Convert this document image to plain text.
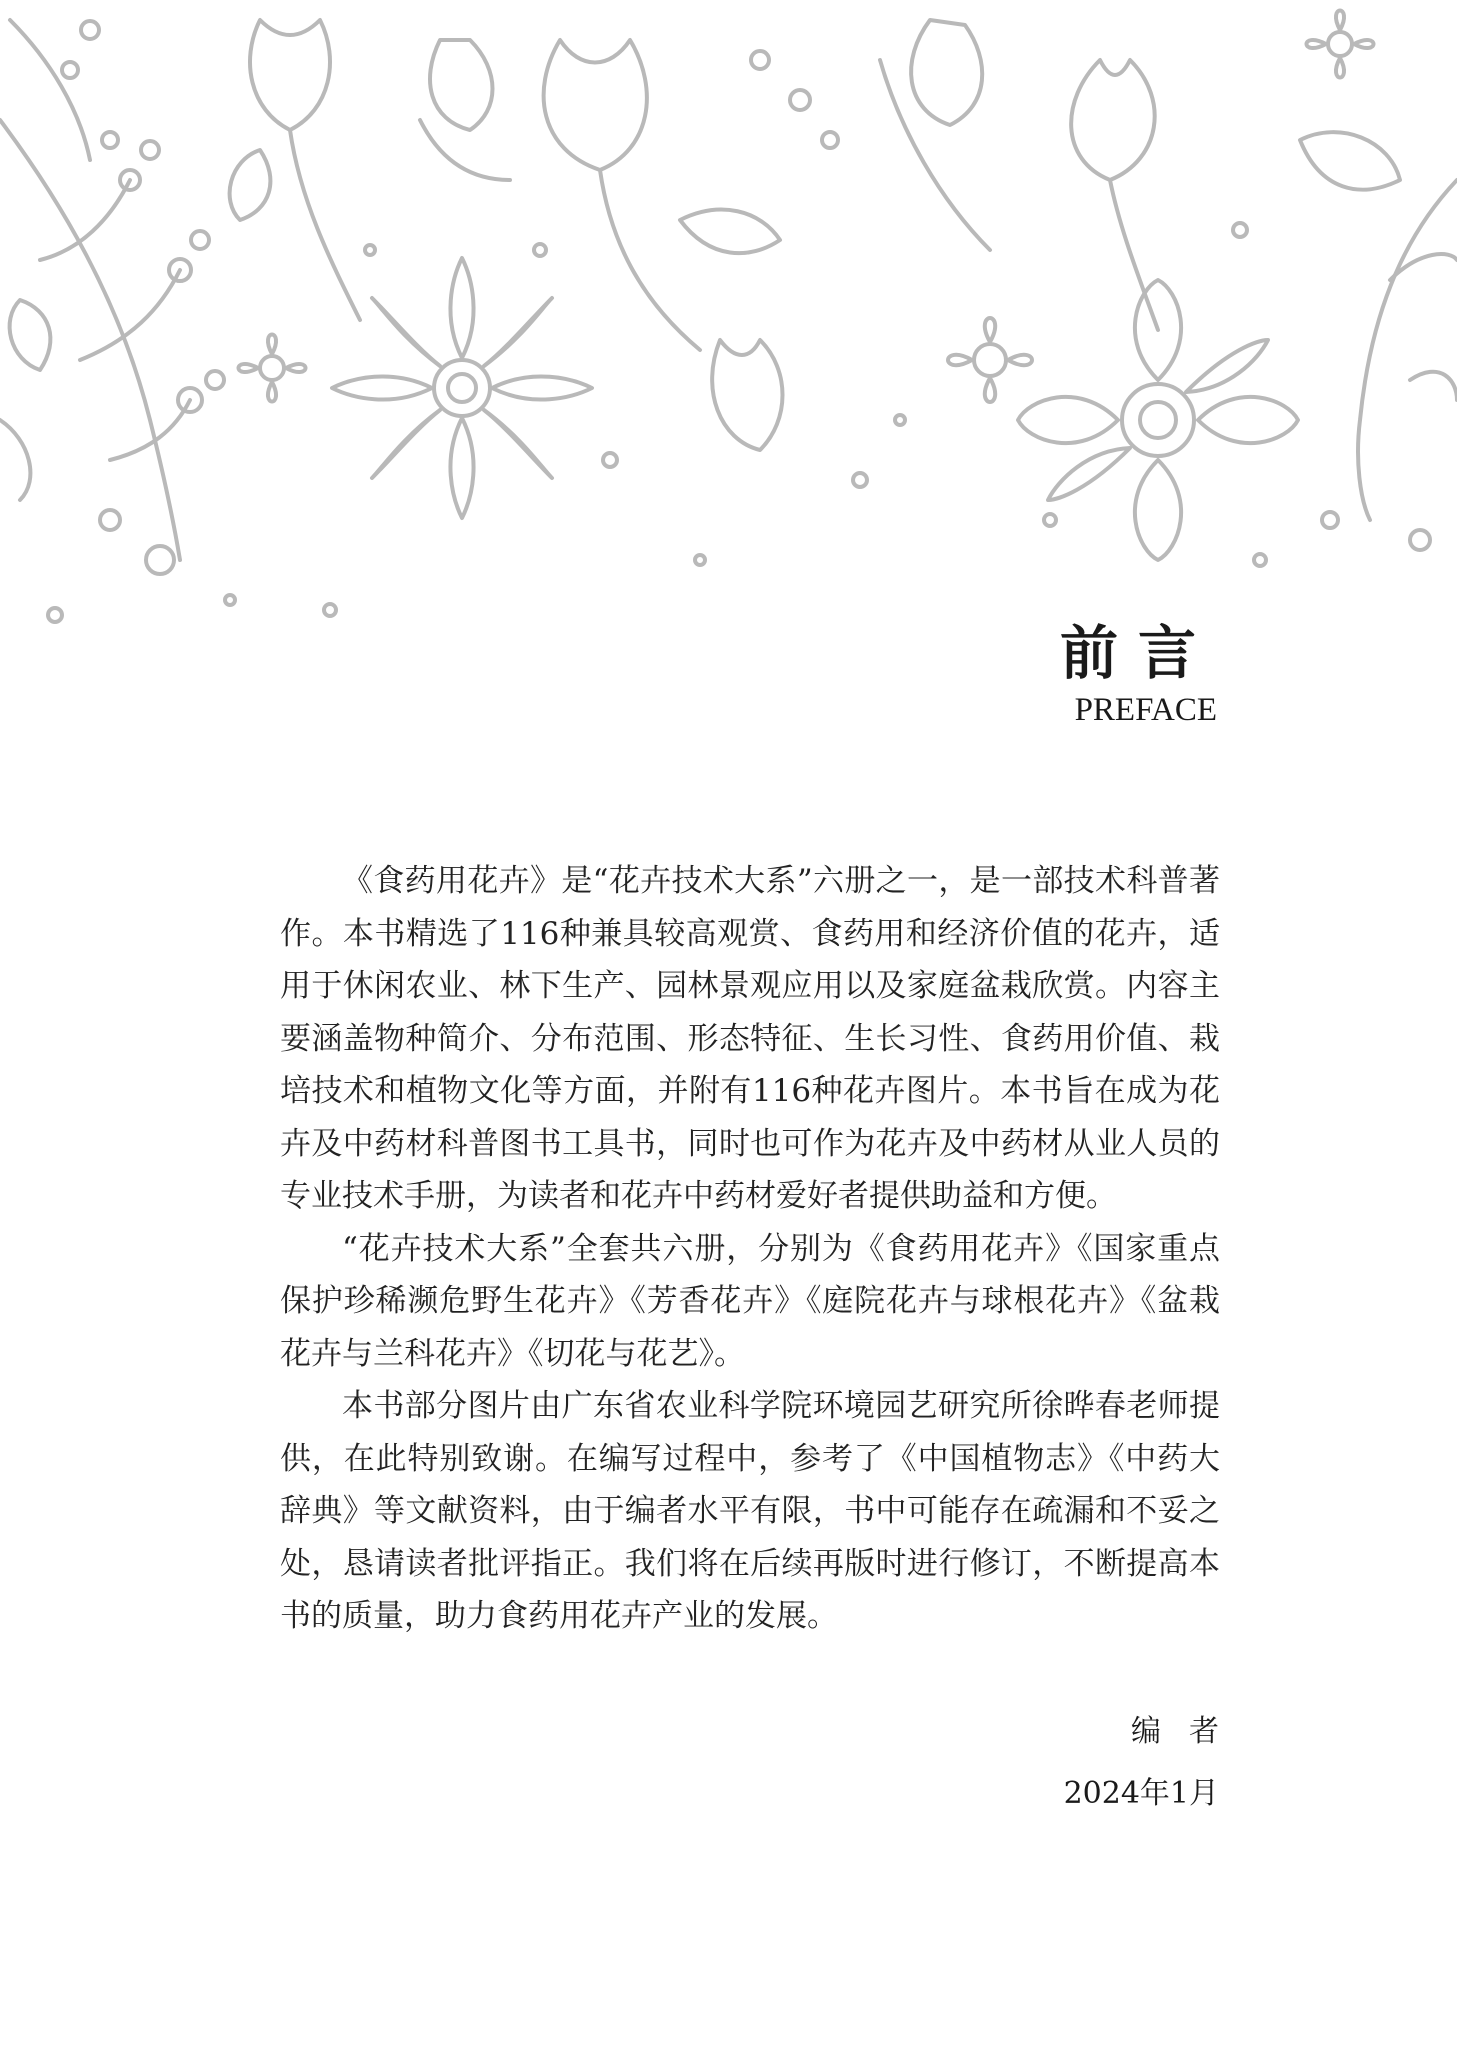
前言
PREFACE

《食药用花卉》是“花卉技术大系”六册之一，是一部技术科普著作。本书精选了116种兼具较高观赏、食药用和经济价值的花卉，适用于休闲农业、林下生产、园林景观应用以及家庭盆栽欣赏。内容主要涵盖物种简介、分布范围、形态特征、生长习性、食药用价值、栽培技术和植物文化等方面，并附有116种花卉图片。本书旨在成为花卉及中药材科普图书工具书，同时也可作为花卉及中药材从业人员的专业技术手册，为读者和花卉中药材爱好者提供助益和方便。

“花卉技术大系”全套共六册，分别为《食药用花卉》《国家重点保护珍稀濒危野生花卉》《芳香花卉》《庭院花卉与球根花卉》《盆栽花卉与兰科花卉》《切花与花艺》。

本书部分图片由广东省农业科学院环境园艺研究所徐晔春老师提供，在此特别致谢。在编写过程中，参考了《中国植物志》《中药大辞典》等文献资料，由于编者水平有限，书中可能存在疏漏和不妥之处，恳请读者批评指正。我们将在后续再版时进行修订，不断提高本书的质量，助力食药用花卉产业的发展。

编者

2024年1月
